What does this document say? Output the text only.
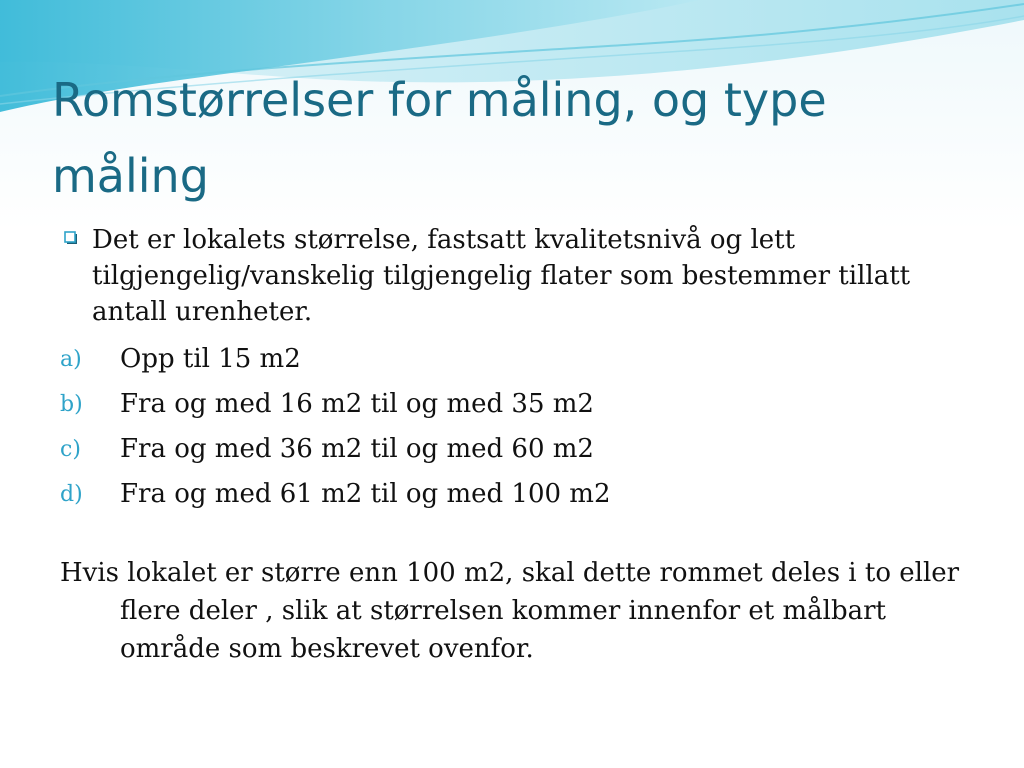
Romstørrelser for måling, og type måling
Det er lokalets størrelse, fastsatt kvalitetsnivå og lett tilgjengelig/vanskelig tilgjengelig flater som bestemmer tillatt antall urenheter.
a) Opp til 15 m2
b) Fra og med 16 m2 til og med 35 m2
c) Fra og med 36 m2 til og med 60 m2
d) Fra og med 61 m2 til og med 100 m2

Hvis lokalet er større enn 100 m2, skal dette rommet deles i to eller flere deler , slik at størrelsen kommer innenfor et målbart område som beskrevet ovenfor.
